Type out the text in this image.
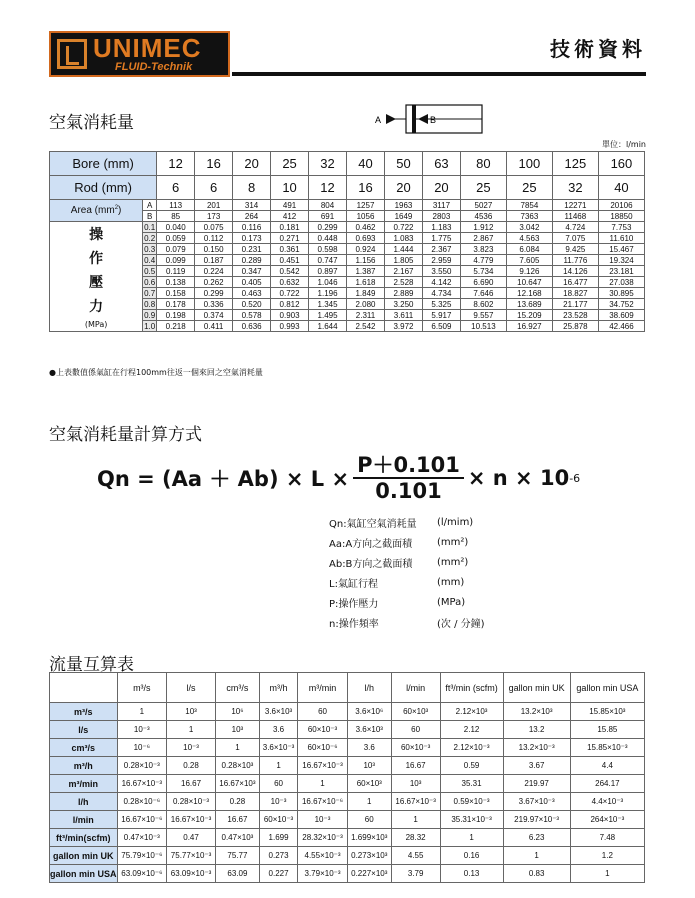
UNIMEC
FLUID-Technik
技術資料
空氣消耗量	A	B
單位：l/min
Bore (mm)		12	16	20	25	32	40	50	63	80	100	125	160
Rod (mm)		6	6	8	10	12	16	20	20	25	25	32	40
Area $(mm^2)$	A	113	201	314	491	804	1257	1963	3117	5027	7854	12271	20106
	B	85	173	264	412	691	1056	1649	2803	4536	7363	11468	18850

操
作
壓
力
(MPa)	0.1	0.040	0.075	0.116	0.181	0.299	0.462	0.722	1.183	1.912	3.042	4.724	7.753
	0.2	0.059	0.112	0.173	0.271	0.448	0.693	1.083	1.775	2.867	4.563	7.075	11.610
	0.3	0.079	0.150	0.231	0.361	0.598	0.924	1.444	2.367	3.823	6.084	9.425	15.467
	0.4	0.099	0.187	0.289	0.451	0.747	1.156	1.805	2.959	4.779	7.605	11.776	19.324
	0.5	0.119	0.224	0.347	0.542	0.897	1.387	2.167	3.550	5.734	9.126	14.126	23.181
	0.6	0.138	0.262	0.405	0.632	1.046	1.618	2.528	4.142	6.690	10.647	16.477	27.038
	0.7	0.158	0.299	0.463	0.722	1.196	1.849	2.889	4.734	7.646	12.168	18.827	30.895
	0.8	0.178	0.336	0.520	0.812	1.345	2.080	3.250	5.325	8.602	13.689	21.177	34.752
	0.9	0.198	0.374	0.578	0.903	1.495	2.311	3.611	5.917	9.557	15.209	23.528	38.609
	1.0	0.218	0.411	0.636	0.993	1.644	2.542	3.972	6.509	10.513	16.927	25.878	42.466
●上表數值係氣缸在行程100mm往返一個來回之空氣消耗量
空氣消耗量計算方式
$Qn = (Aa + Ab) \times L \times \frac{P+0.101}{0.101} \times n \times 10$ -6
Qn:氣缸空氣消耗量	(l/mim)
Aa:A方向之截面積	(mm²)
Ab:B方向之截面積	(mm²)
L:氣缸行程	(mm)
P:操作壓力	(MPa)
n:操作頻率	(次 / 分鐘)
流量互算表
	m³/s	l/s	cm³/s	m³/h	m³/min	l/h	l/min	ft³/min (scfm)	gallon min UK	gallon min USA
m³/s	1	10³	10⁶	3.6×10³	60	3.6×10⁶	60×10³	2.12×10³	13.2×10³	15.85×10³
l/s	10⁻³	1	10³	3.6	60×10⁻³	3.6×10³	60	2.12	13.2	15.85
cm³/s	10⁻⁶	10⁻³	1	3.6×10⁻³	60×10⁻⁶	3.6	60×10⁻³	2.12×10⁻³	13.2×10⁻³	15.85×10⁻³
m³/h	0.28×10⁻³	0.28	0.28×10³	1	16.67×10⁻³	10³	16.67	0.59	3.67	4.4
m³/min	16.67×10⁻³	16.67	16.67×10³	60	1	60×10³	10³	35.31	219.97	264.17
l/h	0.28×10⁻⁶	0.28×10⁻³	0.28	10⁻³	16.67×10⁻⁶	1	16.67×10⁻³	0.59×10⁻³	3.67×10⁻³	4.4×10⁻³
l/min	16.67×10⁻⁶	16.67×10⁻³	16.67	60×10⁻³	10⁻³	60	1	35.31×10⁻³	219.97×10⁻³	264×10⁻³
ft³/min(scfm)	0.47×10⁻³	0.47	0.47×10³	1.699	28.32×10⁻³	1.699×10³	28.32	1	6.23	7.48
gallon min UK	75.79×10⁻⁶	75.77×10⁻³	75.77	0.273	4.55×10⁻³	0.273×10³	4.55	0.16	1	1.2
gallon min USA	63.09×10⁻⁶	63.09×10⁻³	63.09	0.227	3.79×10⁻³	0.227×10³	3.79	0.13	0.83	1
